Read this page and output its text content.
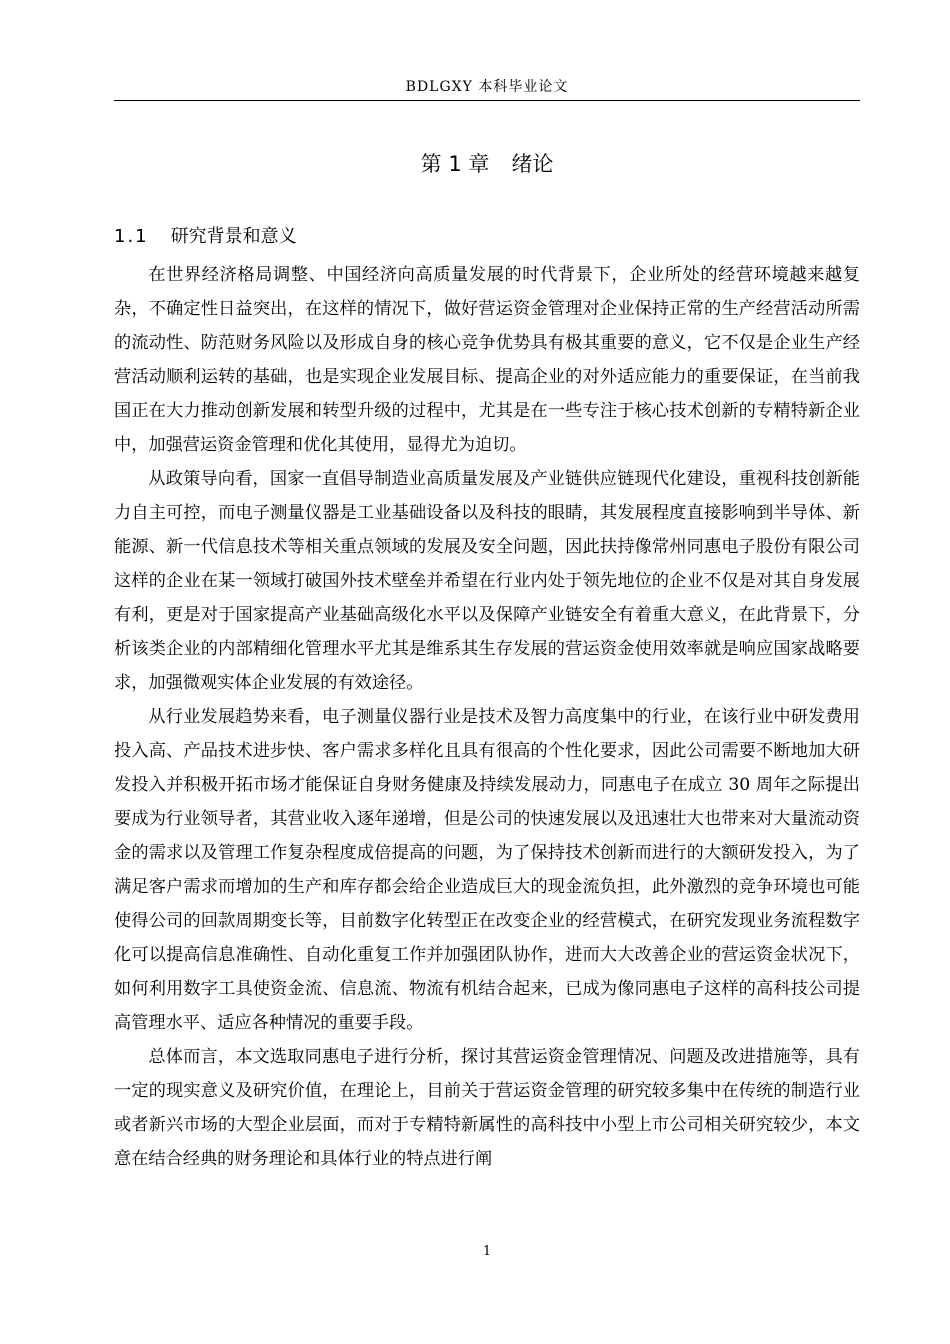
BDLGXY 本科毕业论文
第 1 章 绪论
1.1 研究背景和意义

在世界经济格局调整、中国经济向高质量发展的时代背景下，企业所处的经营环境越来越复杂，不确定性日益突出，在这样的情况下，做好营运资金管理对企业保持正常的生产经营活动所需的流动性、防范财务风险以及形成自身的核心竞争优势具有极其重要的意义，它不仅是企业生产经营活动顺利运转的基础，也是实现企业发展目标、提高企业的对外适应能力的重要保证，在当前我国正在大力推动创新发展和转型升级的过程中，尤其是在一些专注于核心技术创新的专精特新企业中，加强营运资金管理和优化其使用，显得尤为迫切。

从政策导向看，国家一直倡导制造业高质量发展及产业链供应链现代化建设，重视科技创新能力自主可控，而电子测量仪器是工业基础设备以及科技的眼睛，其发展程度直接影响到半导体、新能源、新一代信息技术等相关重点领域的发展及安全问题，因此扶持像常州同惠电子股份有限公司这样的企业在某一领域打破国外技术壁垒并希望在行业内处于领先地位的企业不仅是对其自身发展有利，更是对于国家提高产业基础高级化水平以及保障产业链安全有着重大意义，在此背景下，分析该类企业的内部精细化管理水平尤其是维系其生存发展的营运资金使用效率就是响应国家战略要求，加强微观实体企业发展的有效途径。

从行业发展趋势来看，电子测量仪器行业是技术及智力高度集中的行业，在该行业中研发费用投入高、产品技术进步快、客户需求多样化且具有很高的个性化要求，因此公司需要不断地加大研发投入并积极开拓市场才能保证自身财务健康及持续发展动力，同惠电子在成立 30 周年之际提出要成为行业领导者，其营业收入逐年递增，但是公司的快速发展以及迅速壮大也带来对大量流动资金的需求以及管理工作复杂程度成倍提高的问题，为了保持技术创新而进行的大额研发投入，为了满足客户需求而增加的生产和库存都会给企业造成巨大的现金流负担，此外激烈的竞争环境也可能使得公司的回款周期变长等，目前数字化转型正在改变企业的经营模式，在研究发现业务流程数字化可以提高信息准确性、自动化重复工作并加强团队协作，进而大大改善企业的营运资金状况下，如何利用数字工具使资金流、信息流、物流有机结合起来，已成为像同惠电子这样的高科技公司提高管理水平、适应各种情况的重要手段。

总体而言，本文选取同惠电子进行分析，探讨其营运资金管理情况、问题及改进措施等，具有一定的现实意义及研究价值，在理论上，目前关于营运资金管理的研究较多集中在传统的制造行业或者新兴市场的大型企业层面，而对于专精特新属性的高科技中小型上市公司相关研究较少，本文意在结合经典的财务理论和具体行业的特点进行阐

1
